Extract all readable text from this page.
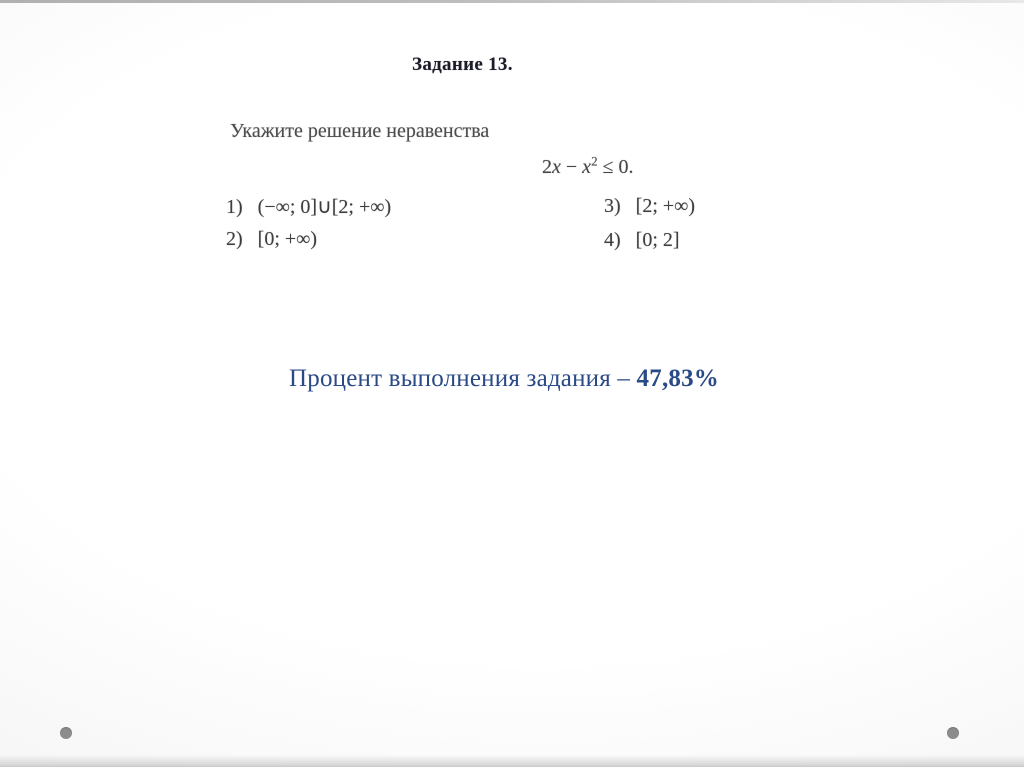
Задание 13.
Укажите решение неравенства
$2x - x^2 \le 0$.
1) (−∞; 0]∪[2; +∞)
2) [0; +∞)
3) [2; +∞)
4) [0; 2]
Процент выполнения задания – 47,83%
